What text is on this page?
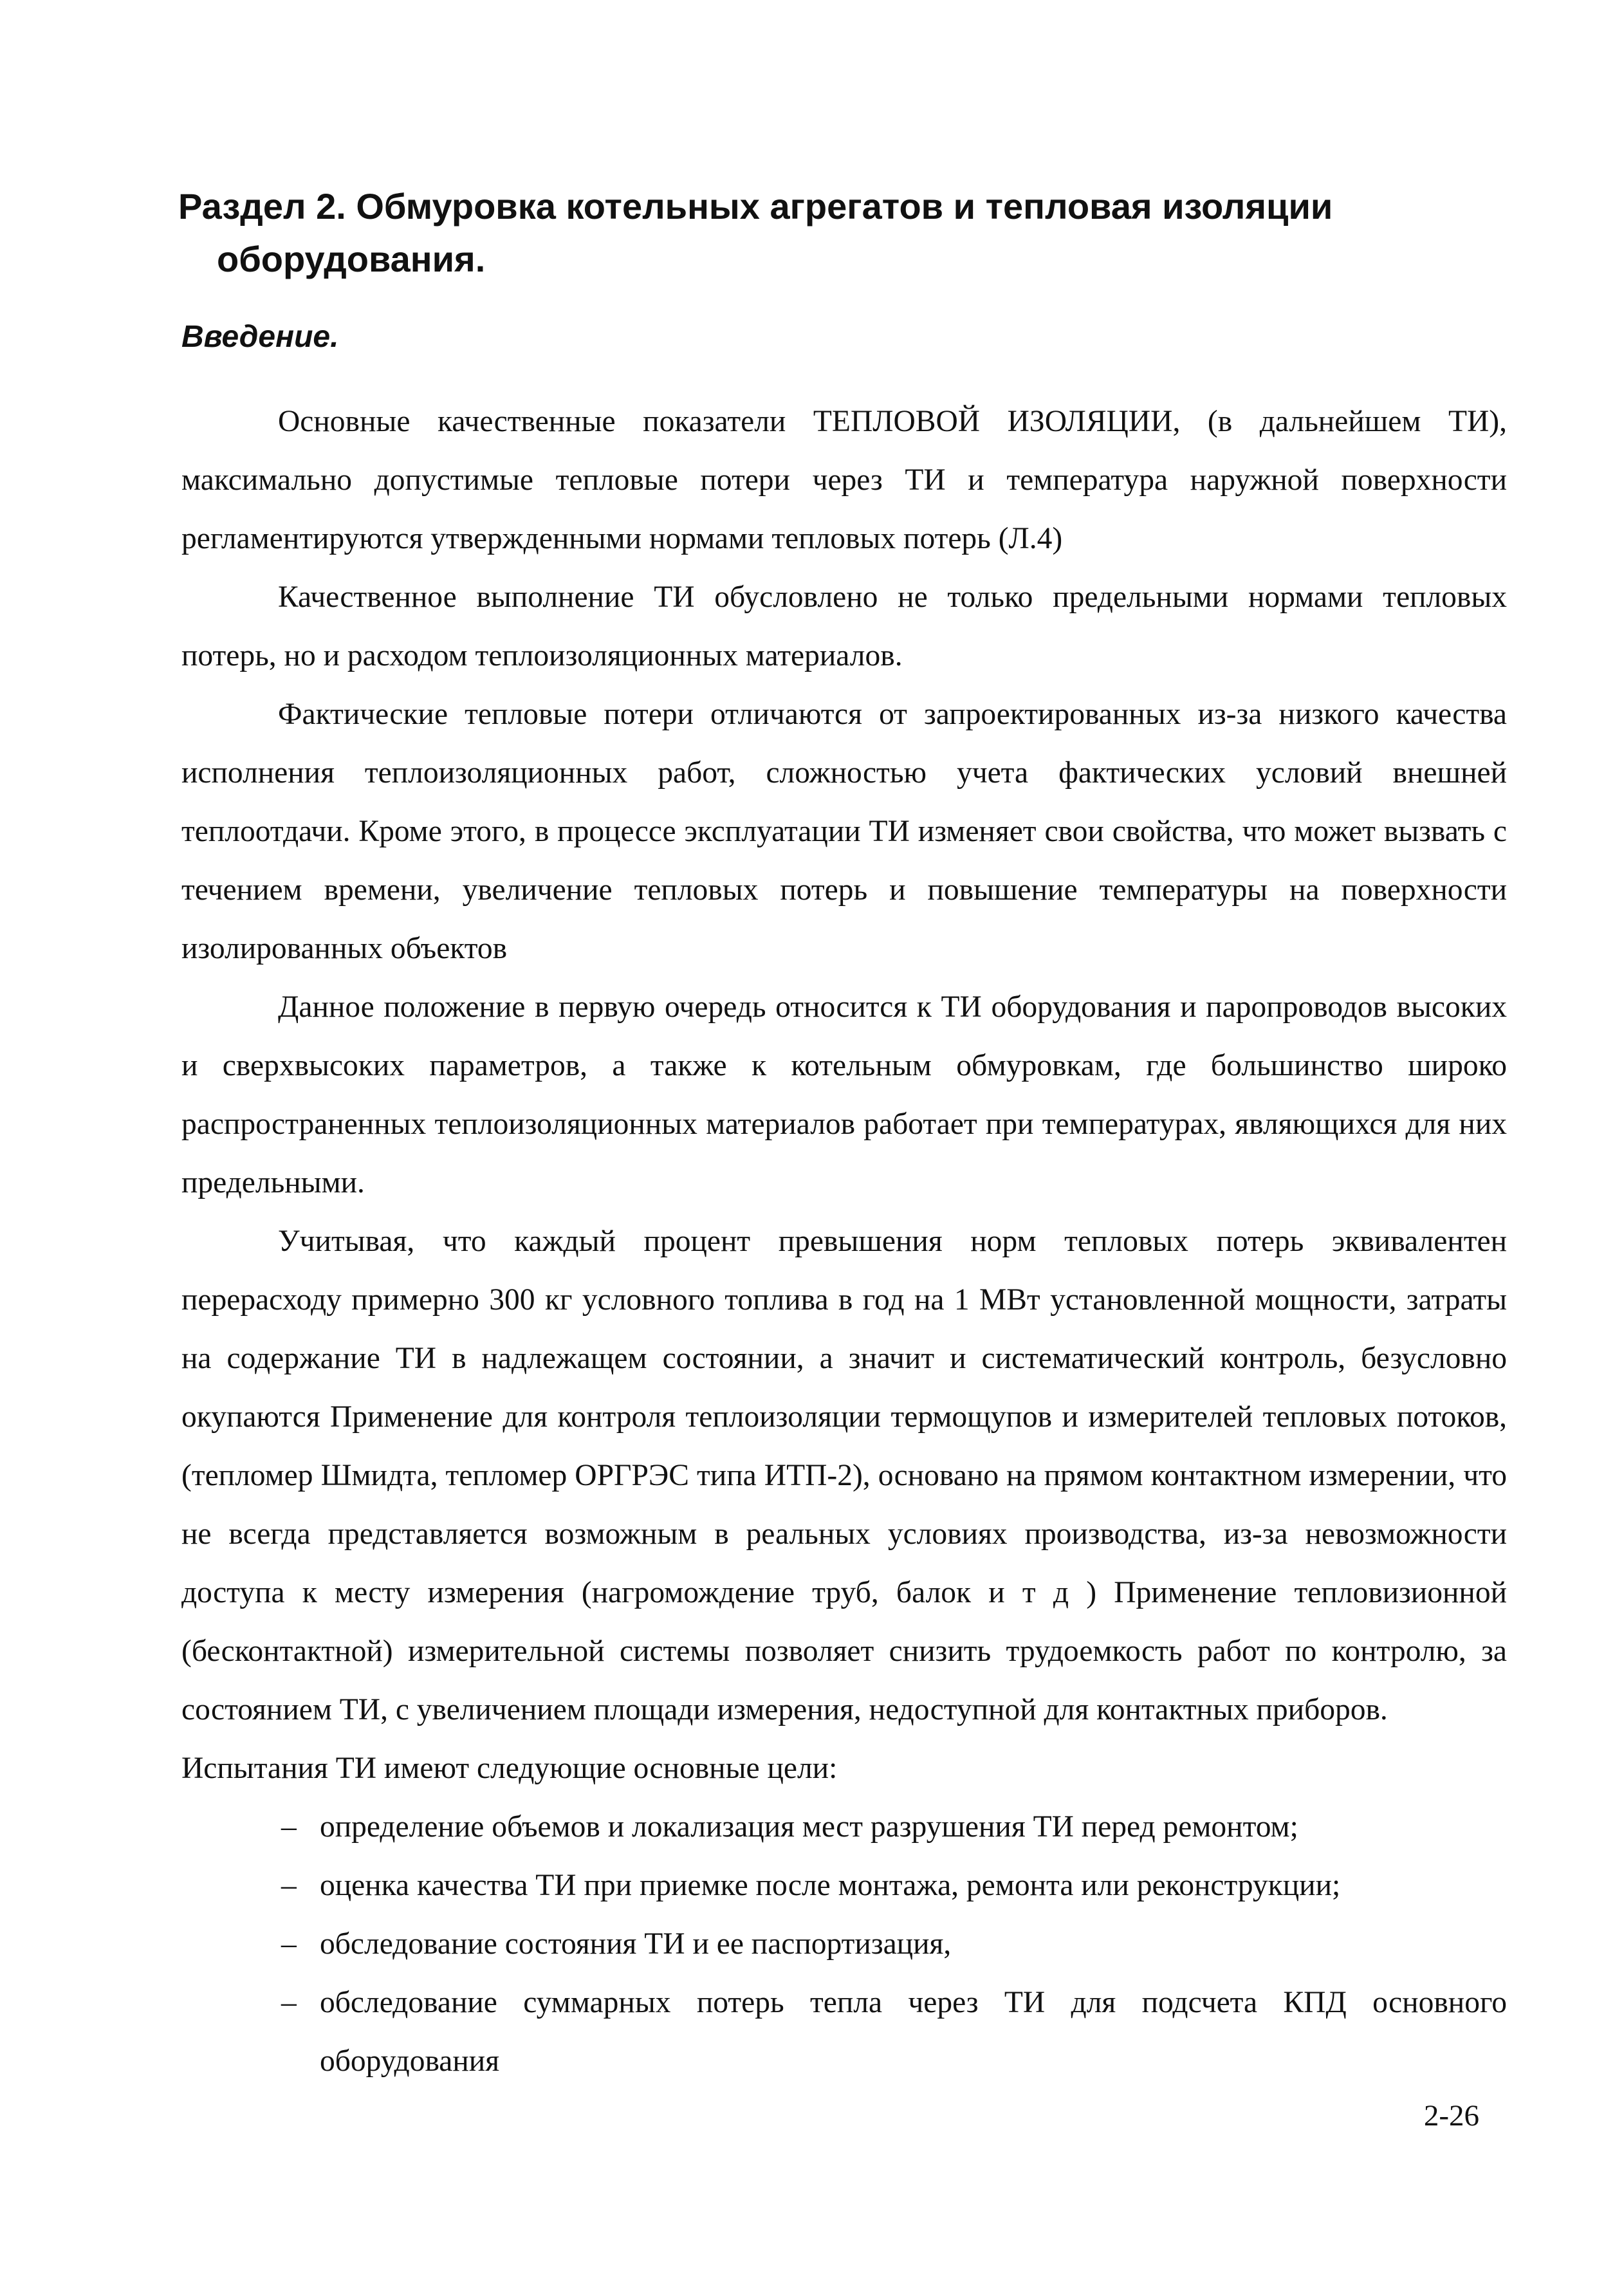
Раздел 2. Обмуровка котельных агрегатов и тепловая изоляции
оборудования.
Введение.

Основные качественные показатели ТЕПЛОВОЙ ИЗОЛЯЦИИ, (в дальнейшем ТИ), максимально допустимые тепловые потери через ТИ и температура наружной поверхности регламентируются утвержденными нормами тепловых потерь (Л.4)

Качественное выполнение ТИ обусловлено не только предельными нормами тепловых потерь, но и расходом теплоизоляционных материалов.

Фактические тепловые потери отличаются от запроектированных из-за низкого качества исполнения теплоизоляционных работ, сложностью учета фактических условий внешней теплоотдачи. Кроме этого, в процессе эксплуатации ТИ изменяет свои свойства, что может вызвать с течением времени, увеличение тепловых потерь и повышение температуры на поверхности изолированных объектов

Данное положение в первую очередь относится к ТИ оборудования и паропроводов высоких и сверхвысоких параметров, а также к котельным обмуровкам, где большинство широко распространенных теплоизоляционных материалов работает при температурах, являющихся для них предельными.

Учитывая, что каждый процент превышения норм тепловых потерь эквивалентен перерасходу примерно 300 кг условного топлива в год на 1 МВт установленной мощности, затраты на содержание ТИ в надлежащем состоянии, а значит и систематический контроль, безусловно окупаются Применение для контроля теплоизоляции термощупов и измерителей тепловых потоков, (тепломер Шмидта, тепломер ОРГРЭС типа ИТП-2), основано на прямом контактном измерении, что не всегда представляется возможным в реальных условиях производства, из-за невозможности доступа к месту измерения (нагромождение труб, балок и т д ) Применение тепловизионной (бесконтактной) измерительной системы позволяет снизить трудоемкость работ по контролю, за состоянием ТИ, с увеличением площади измерения, недоступной для контактных приборов.

Испытания ТИ имеют следующие основные цели:

– определение объемов и локализация мест разрушения ТИ перед ремонтом;
– оценка качества ТИ при приемке после монтажа, ремонта или реконструкции;
– обследование состояния ТИ и ее паспортизация,
– обследование суммарных потерь тепла через ТИ для подсчета КПД основного оборудования
2-26
